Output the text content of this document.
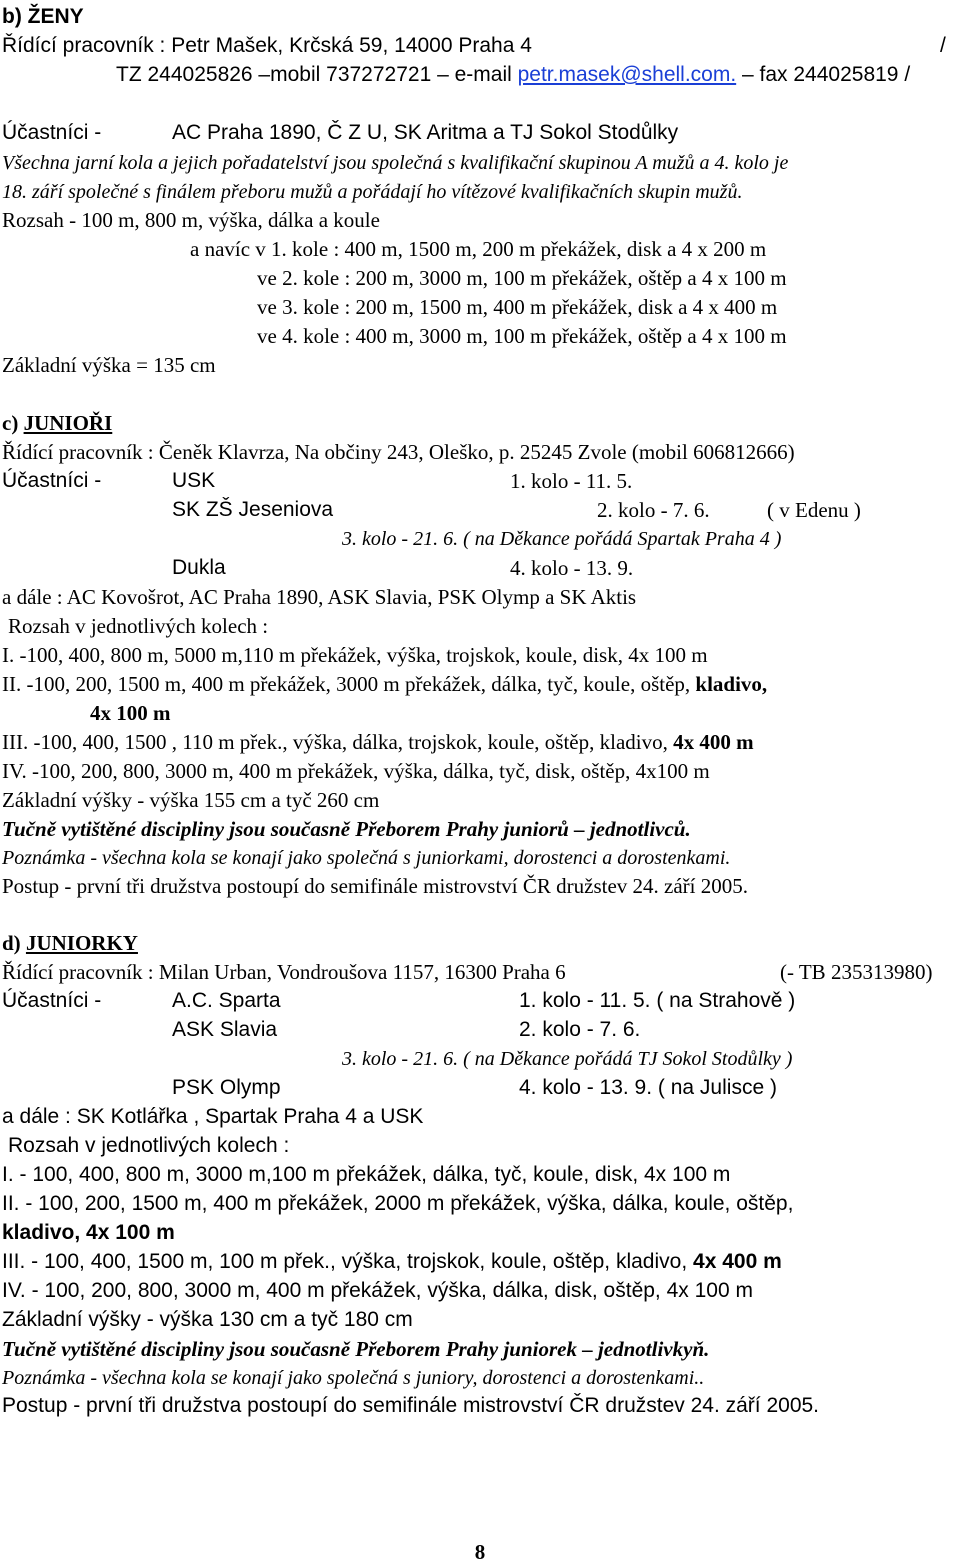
b) ŽENY
Řídící pracovník : Petr Mašek, Krčská 59, 14000 Praha 4	/
TZ 244025826 –mobil 737272721 – e-mail petr.masek@shell.com. – fax 244025819 /
Účastníci -	AC Praha 1890, Č Z U, SK Aritma a TJ Sokol Stodůlky
Všechna jarní kola a jejich pořadatelství jsou společná s kvalifikační skupinou A mužů a 4. kolo je
18. září společné s finálem přeboru mužů a pořádají ho vítězové kvalifikačních skupin mužů.
Rozsah - 100 m, 800 m, výška, dálka a koule
a navíc v 1. kole : 400 m, 1500 m, 200 m překážek, disk a 4 x 200 m
ve 2. kole : 200 m, 3000 m, 100 m překážek, oštěp a 4 x 100 m
ve 3. kole : 200 m, 1500 m, 400 m překážek, disk a 4 x 400 m
ve 4. kole : 400 m, 3000 m, 100 m překážek, oštěp a 4 x 100 m
Základní výška = 135 cm
c) JUNIOŘI
Řídící pracovník : Čeněk Klavrza, Na občiny 243, Oleško, p. 25245 Zvole (mobil 606812666)
Účastníci -	USK	1. kolo - 11. 5.
SK ZŠ Jeseniova	2. kolo - 7. 6.	( v Edenu )
3. kolo - 21. 6. ( na Děkance pořádá Spartak Praha 4 )
Dukla	4. kolo - 13. 9.
a dále : AC Kovošrot, AC Praha 1890, ASK Slavia, PSK Olymp a SK Aktis
Rozsah v jednotlivých kolech :
I. -100, 400, 800 m, 5000 m,110 m překážek, výška, trojskok, koule, disk, 4x 100 m
II. -100, 200, 1500 m, 400 m překážek, 3000 m překážek, dálka, tyč, koule, oštěp, kladivo,
4x 100 m
III. -100, 400, 1500 , 110 m přek., výška, dálka, trojskok, koule, oštěp, kladivo, 4x 400 m
IV. -100, 200, 800, 3000 m, 400 m překážek, výška, dálka, tyč, disk, oštěp, 4x100 m
Základní výšky - výška 155 cm a tyč 260 cm
Tučně vytištěné discipliny jsou současně Přeborem Prahy juniorů – jednotlivců.
Poznámka - všechna kola se konají jako společná s juniorkami, dorostenci a dorostenkami.
Postup - první tři družstva postoupí do semifinále mistrovství ČR družstev 24. září 2005.
d) JUNIORKY
Řídící pracovník : Milan Urban, Vondroušova 1157, 16300 Praha 6	(- TB 235313980)
Účastníci -	A.C. Sparta	1. kolo - 11. 5. ( na Strahově )
ASK Slavia	2. kolo - 7. 6.
3. kolo - 21. 6. ( na Děkance pořádá TJ Sokol Stodůlky )
PSK Olymp	4. kolo - 13. 9. ( na Julisce )
a dále : SK Kotlářka , Spartak Praha 4 a USK
Rozsah v jednotlivých kolech :
I. - 100, 400, 800 m, 3000 m,100 m překážek, dálka, tyč, koule, disk, 4x 100 m
II. - 100, 200, 1500 m, 400 m překážek, 2000 m překážek, výška, dálka, koule, oštěp,
kladivo, 4x 100 m
III. - 100, 400, 1500 m, 100 m přek., výška, trojskok, koule, oštěp, kladivo, 4x 400 m
IV. - 100, 200, 800, 3000 m, 400 m překážek, výška, dálka, disk, oštěp, 4x 100 m
Základní výšky - výška 130 cm a tyč 180 cm
Tučně vytištěné discipliny jsou současně Přeborem Prahy juniorek – jednotlivkyň.
Poznámka - všechna kola se konají jako společná s juniory, dorostenci a dorostenkami..
Postup - první tři družstva postoupí do semifinále mistrovství ČR družstev 24. září 2005.
8
